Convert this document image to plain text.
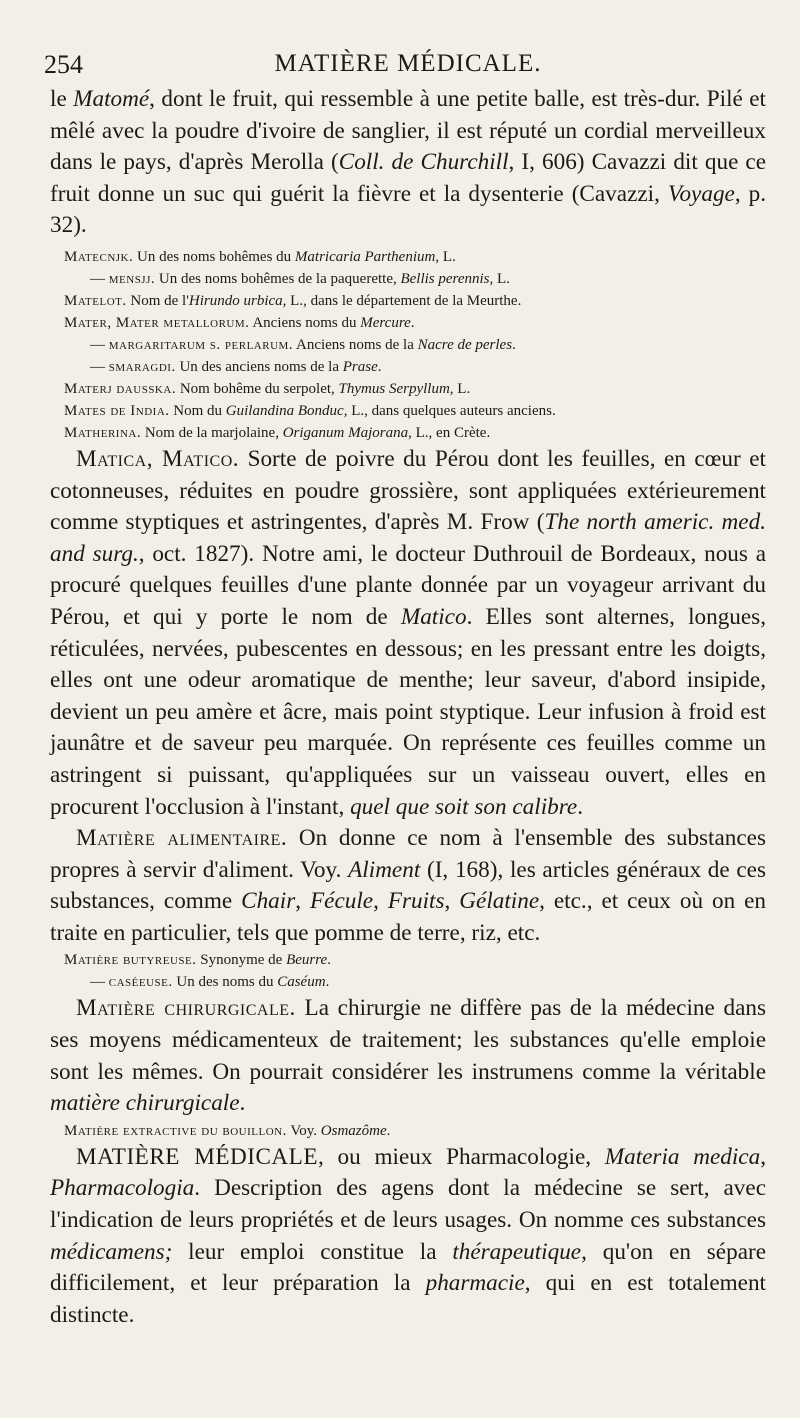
254	MATIÈRE MÉDICALE.

le Matomé, dont le fruit, qui ressemble à une petite balle, est très-dur. Pilé et mêlé avec la poudre d'ivoire de sanglier, il est réputé un cordial merveilleux dans le pays, d'après Merolla (Coll. de Churchill, I, 606) Cavazzi dit que ce fruit donne un suc qui guérit la fièvre et la dysenterie (Cavazzi, Voyage, p. 32).

Matecnjk. Un des noms bohêmes du Matricaria Parthenium, L.

— mensjj. Un des noms bohêmes de la paquerette, Bellis perennis, L.

Matelot. Nom de l'Hirundo urbica, L., dans le département de la Meurthe.

Mater, Mater metallorum. Anciens noms du Mercure.

— margaritarum s. perlarum. Anciens noms de la Nacre de perles.

— smaragdi. Un des anciens noms de la Prase.

Materj dausska. Nom bohême du serpolet, Thymus Serpyllum, L.

Mates de India. Nom du Guilandina Bonduc, L., dans quelques auteurs anciens.

Matherina. Nom de la marjolaine, Origanum Majorana, L., en Crète.

Matica, Matico. Sorte de poivre du Pérou dont les feuilles, en cœur et cotonneuses, réduites en poudre grossière, sont appliquées extérieurement comme styptiques et astringentes, d'après M. Frow (The north americ. med. and surg., oct. 1827). Notre ami, le docteur Duthrouil de Bordeaux, nous a procuré quelques feuilles d'une plante donnée par un voyageur arrivant du Pérou, et qui y porte le nom de Matico. Elles sont alternes, longues, réticulées, nervées, pubescentes en dessous; en les pressant entre les doigts, elles ont une odeur aromatique de menthe; leur saveur, d'abord insipide, devient un peu amère et âcre, mais point styptique. Leur infusion à froid est jaunâtre et de saveur peu marquée. On représente ces feuilles comme un astringent si puissant, qu'appliquées sur un vaisseau ouvert, elles en procurent l'occlusion à l'instant, quel que soit son calibre.

Matière alimentaire. On donne ce nom à l'ensemble des substances propres à servir d'aliment. Voy. Aliment (I, 168), les articles généraux de ces substances, comme Chair, Fécule, Fruits, Gélatine, etc., et ceux où on en traite en particulier, tels que pomme de terre, riz, etc.

Matière butyreuse. Synonyme de Beurre.

— caséeuse. Un des noms du Caséum.

Matière chirurgicale. La chirurgie ne diffère pas de la médecine dans ses moyens médicamenteux de traitement; les substances qu'elle emploie sont les mêmes. On pourrait considérer les instrumens comme la véritable matière chirurgicale.

Matière extractive du bouillon. Voy. Osmazôme.

MATIÈRE MÉDICALE, ou mieux Pharmacologie, Materia medica, Pharmacologia. Description des agens dont la médecine se sert, avec l'indication de leurs propriétés et de leurs usages. On nomme ces substances médicamens; leur emploi constitue la thérapeutique, qu'on en sépare difficilement, et leur préparation la pharmacie, qui en est totalement distincte.
